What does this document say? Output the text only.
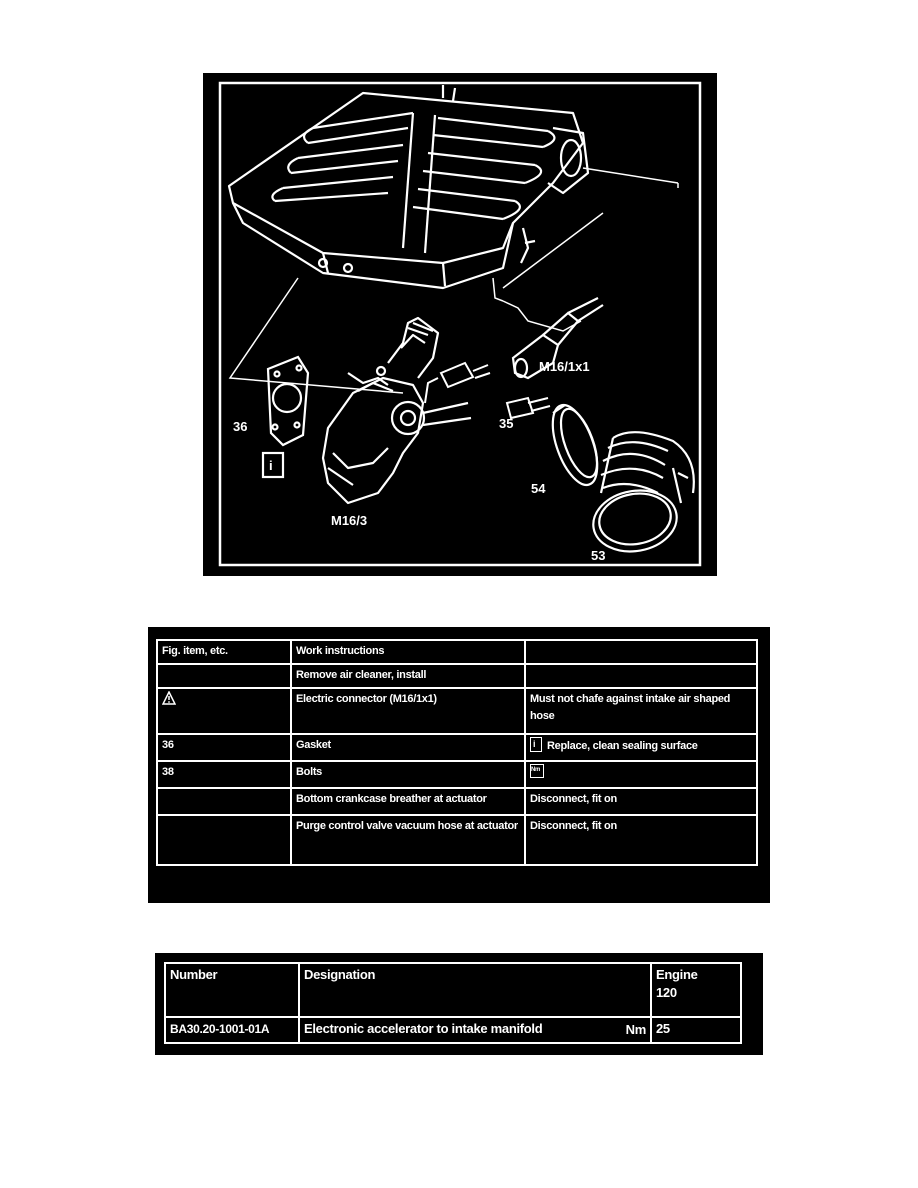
36
i
M16/3
M16/1x1
35
54
53
Fig. item, etc.	Work instructions	
	Remove air cleaner, install	
	Electric connector (M16/1x1)	Must not chafe against intake air shaped hose
36	Gasket	i Replace, clean sealing surface
38	Bolts	Nm

	Bottom crankcase breather at actuator	Disconnect, fit on
	Purge control valve vacuum hose at actuator	Disconnect, fit on
Number	Designation	Engine 120
BA30.20-1001-01A	Electronic accelerator to intake manifold Nm	25
